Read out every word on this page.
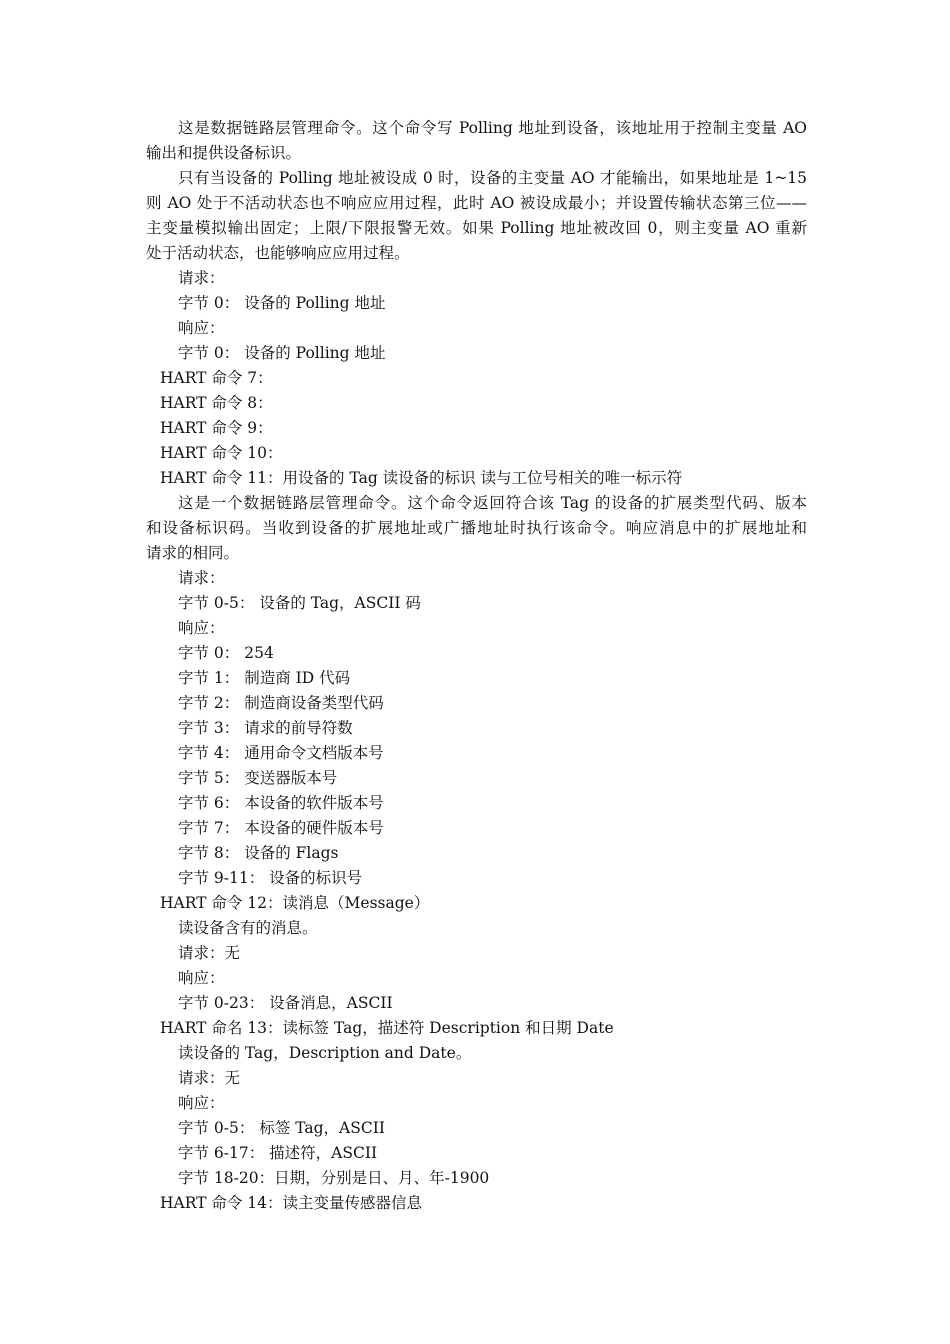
这是数据链路层管理命令。这个命令写 Polling 地址到设备，该地址用于控制主变量 AO
输出和提供设备标识。
只有当设备的 Polling 地址被设成 0 时，设备的主变量 AO 才能输出，如果地址是 1~15
则 AO 处于不活动状态也不响应应用过程，此时 AO 被设成最小；并设置传输状态第三位——
主变量模拟输出固定；上限/下限报警无效。如果 Polling 地址被改回 0，则主变量 AO 重新
处于活动状态，也能够响应应用过程。
请求：
字节 0： 设备的 Polling 地址
响应：
字节 0： 设备的 Polling 地址
HART 命令 7：
HART 命令 8：
HART 命令 9：
HART 命令 10：
HART 命令 11：用设备的 Tag 读设备的标识 读与工位号相关的唯一标示符
这是一个数据链路层管理命令。这个命令返回符合该 Tag 的设备的扩展类型代码、版本
和设备标识码。当收到设备的扩展地址或广播地址时执行该命令。响应消息中的扩展地址和
请求的相同。
请求：
字节 0-5： 设备的 Tag，ASCII 码
响应：
字节 0： 254
字节 1： 制造商 ID 代码
字节 2： 制造商设备类型代码
字节 3： 请求的前导符数
字节 4： 通用命令文档版本号
字节 5： 变送器版本号
字节 6： 本设备的软件版本号
字节 7： 本设备的硬件版本号
字节 8： 设备的 Flags
字节 9-11： 设备的标识号
HART 命令 12：读消息（Message）
读设备含有的消息。
请求：无
响应：
字节 0-23： 设备消息，ASCII
HART 命名 13：读标签 Tag，描述符 Description 和日期 Date
读设备的 Tag，Description and Date。
请求：无
响应：
字节 0-5： 标签 Tag，ASCII
字节 6-17： 描述符，ASCII
字节 18-20：日期，分别是日、月、年-1900
HART 命令 14：读主变量传感器信息
